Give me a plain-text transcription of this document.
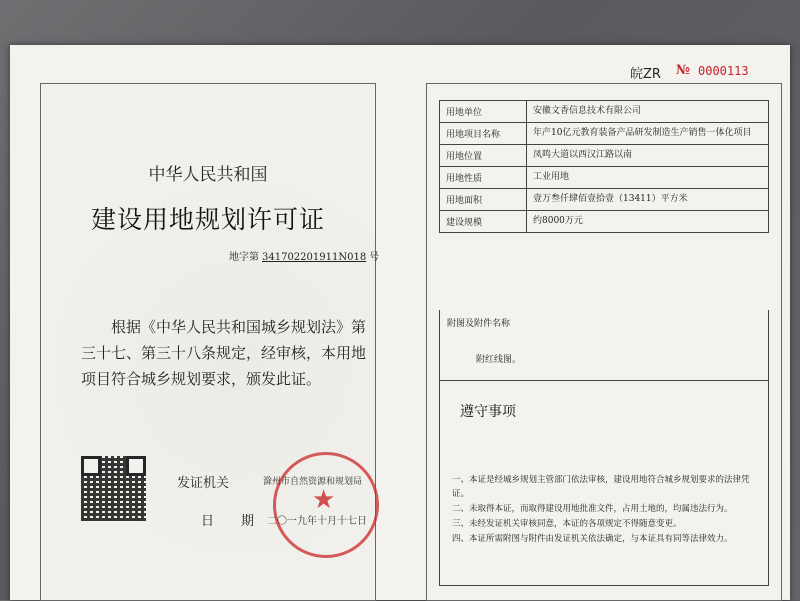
中华人民共和国
建设用地规划许可证
地字第 341702201911N018 号
根据《中华人民共和国城乡规划法》第三十七、第三十八条规定，经审核，本用地项目符合城乡规划要求，颁发此证。
★
发证机关	滁州市自然资源和规划局
日 期 二〇一九年十月十七日
皖ZR № 0000113
用地单位	安徽文香信息技术有限公司
用地项目名称	年产10亿元教育装备产品研发制造生产销售一体化项目
用地位置	凤鸣大道以西汉江路以南
用地性质	工业用地
用地面积	壹万叁仟肆佰壹拾壹（13411）平方米
建设规模	约8000万元
附图及附件名称
附红线图。
遵守事项
一、本证是经城乡规划主管部门依法审核，建设用地符合城乡规划要求的法律凭证。
二、未取得本证，而取得建设用地批准文件，占用土地的，均属违法行为。
三、未经发证机关审核同意，本证的各项规定不得随意变更。
四、本证所需附图与附件由发证机关依法确定，与本证具有同等法律效力。
